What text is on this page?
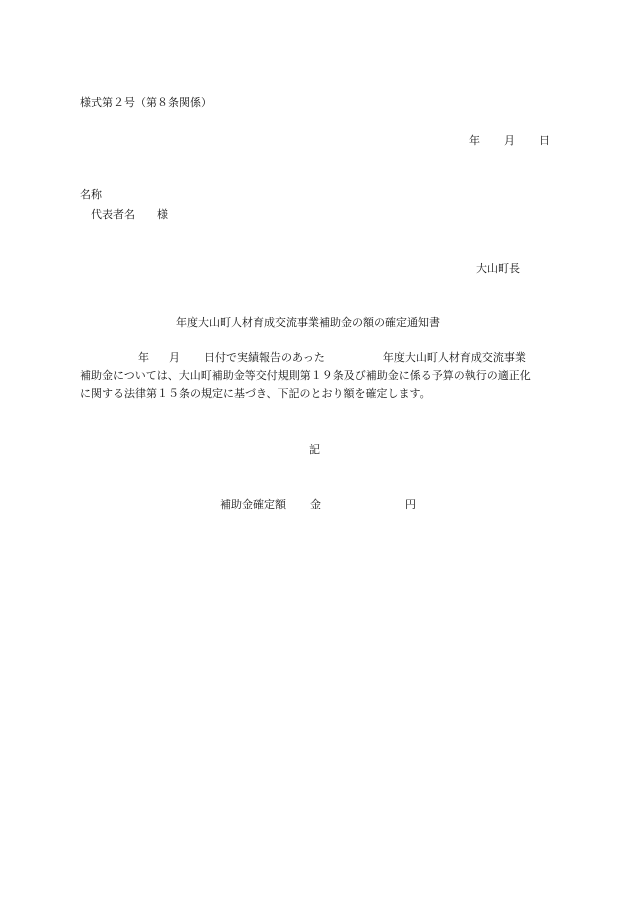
様式第２号（第８条関係）
年 月 日
名称
代表者名 様
大山町長
年度大山町人材育成交流事業補助金の額の確定通知書
年 月 日付で実績報告のあった	年度大山町人材育成交流事業
補助金については、大山町補助金等交付規則第１９条及び補助金に係る予算の執行の適正化
に関する法律第１５条の規定に基づき、下記のとおり額を確定します。
記
補助金確定額 金	円
